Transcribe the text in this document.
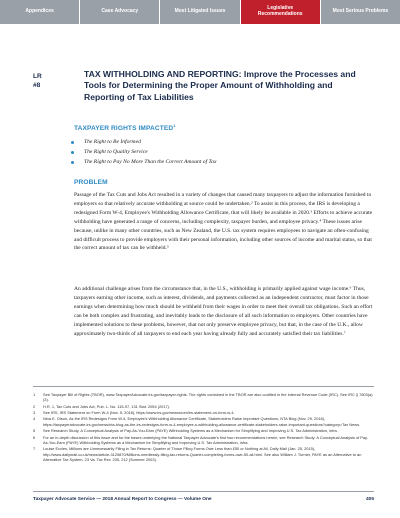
Appendices	Case Advocacy	Most Litigated Issues	Legislative Recommendations	Most Serious Problems
LR
#8
TAX WITHHOLDING AND REPORTING: Improve the Processes and Tools for Determining the Proper Amount of Withholding and Reporting of Tax Liabilities
TAXPAYER RIGHTS IMPACTED$^1$
The Right to Be Informed
The Right to Quality Service
The Right to Pay No More Than the Correct Amount of Tax
PROBLEM

Passage of the Tax Cuts and Jobs Act resulted in a variety of changes that caused many taxpayers to adjust the information furnished to employers so that relatively accurate withholding at source could be undertaken.² To assist in this process, the IRS is developing a redesigned Form W-4, Employee's Withholding Allowance Certificate, that will likely be available in 2020.³ Efforts to achieve accurate withholding have generated a range of concerns, including complexity, taxpayer burden, and employee privacy.⁴ These issues arise because, unlike in many other countries, such as New Zealand, the U.S. tax system requires employees to navigate an often-confusing and difficult process to provide employers with their personal information, including other sources of income and marital status, so that the correct amount of tax can be withheld.⁵

An additional challenge arises from the circumstance that, in the U.S., withholding is primarily applied against wage income.⁶ Thus, taxpayers earning other income, such as interest, dividends, and payments collected as an independent contractor, must factor in those earnings when determining how much should be withheld from their wages in order to meet their overall tax obligations. Such an effort can be both complex and frustrating, and inevitably leads to the disclosure of all such information to employers. Other countries have implemented solutions to these problems, however, that not only preserve employee privacy, but that, in the case of the U.K., allow approximately two-thirds of all taxpayers to end each year having already fully and accurately satisfied their tax liabilities.⁷

1	See Taxpayer Bill of Rights (TBOR), www.TaxpayerAdvocate.irs.gov/taxpayer-rights. The rights contained in the TBOR are also codified in the Internal Revenue Code (IRC). See IRC § 7803(a)(3).
2	H.R. 1, Tax Cuts and Jobs Act, Pub. L. No. 115-97, 131 Stat. 2054 (2017).
3	See IRS, IRS Statement on Form W-4 (Nov. 5, 2018), https://www.irs.gov/newsroom/irs-statement-on-form-w-4.
4	Nina E. Olson, As the IRS Redesigns Form W-4, Employee's Withholding Allowance Certificate, Stakeholders Raise Important Questions, NTA Blog (Nov. 29, 2018), https://taxpayeradvocate.irs.gov/news/nta-blog-as-the-irs-redesigns-form-w-4-employee-s-withholding-allowance-certificate-stakeholders-raise-important-questions?category=Tax News.
5	See Research Study, A Conceptual Analysis of Pay-As-You-Earn (PAYE) Withholding Systems as a Mechanism for Simplifying and Improving U.S. Tax Administration, infra.
6	For an in-depth discussion of this issue and for the bases underlying the National Taxpayer Advocate's first two recommendations herein, see Research Study: A Conceptual Analysis of Pay-As-You-Earn (PAYE) Withholding Systems as a Mechanism for Simplifying and Improving U.S. Tax Administration, infra.
7	Louise Eccles, Millions are Unnecessarily Filing in Tax Returns: Quarter of Those Filing Forms Owe Less than £50 or Nothing at All, Daily Mail (Jan. 25, 2015), http://www.dailymail.co.uk/news/article-3125870/Millions-needlessly-filing-tax-returns-Quarter-completing-forms-owe-50-all.html. See also William J. Turnier, PAYE as an Alternative to an Alternative Tax System, 23 Va. Tax Rev. 205, 212 (Summer 2003).
Taxpayer Advocate Service — 2018 Annual Report to Congress — Volume One	405
